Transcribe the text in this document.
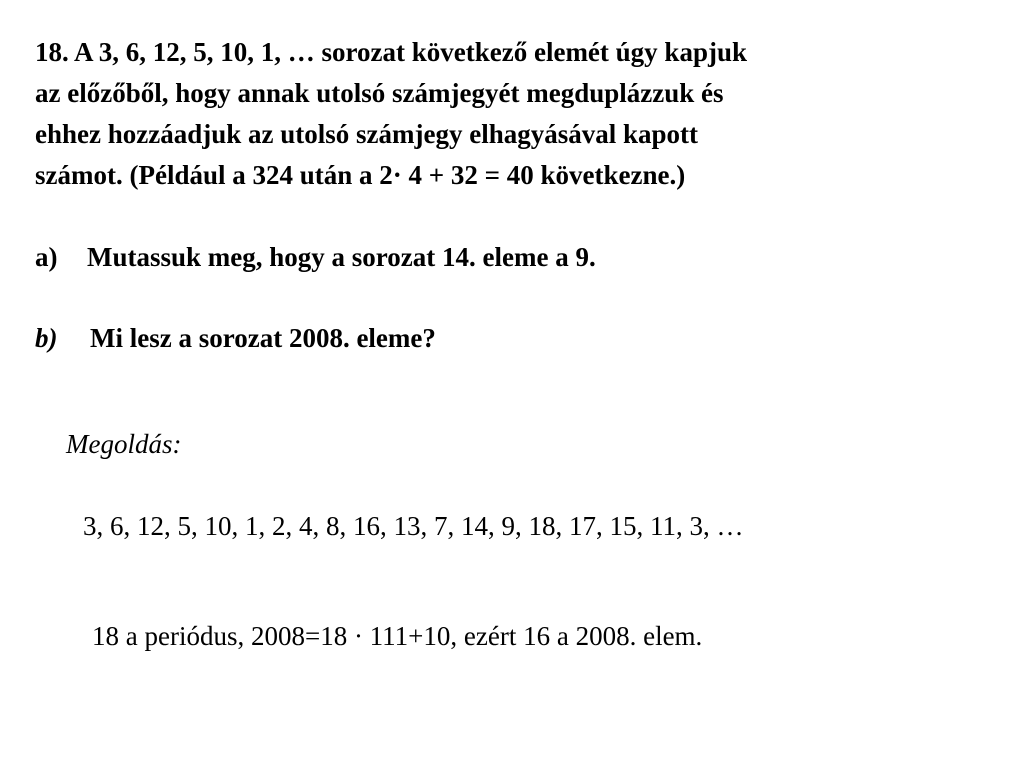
18. A 3, 6, 12, 5, 10, 1, … sorozat következő elemét úgy kapjuk
az előzőből, hogy annak utolsó számjegyét megduplázzuk és
ehhez hozzáadjuk az utolsó számjegy elhagyásával kapott
számot. (Például a 324 után a 2· 4 + 32 = 40 következne.)
a) Mutassuk meg, hogy a sorozat 14. eleme a 9.
b) Mi lesz a sorozat 2008. eleme?
Megoldás:
3, 6, 12, 5, 10, 1, 2, 4, 8, 16, 13, 7, 14, 9, 18, 17, 15, 11, 3, …
18 a periódus, 2008=18 · 111+10, ezért 16 a 2008. elem.
